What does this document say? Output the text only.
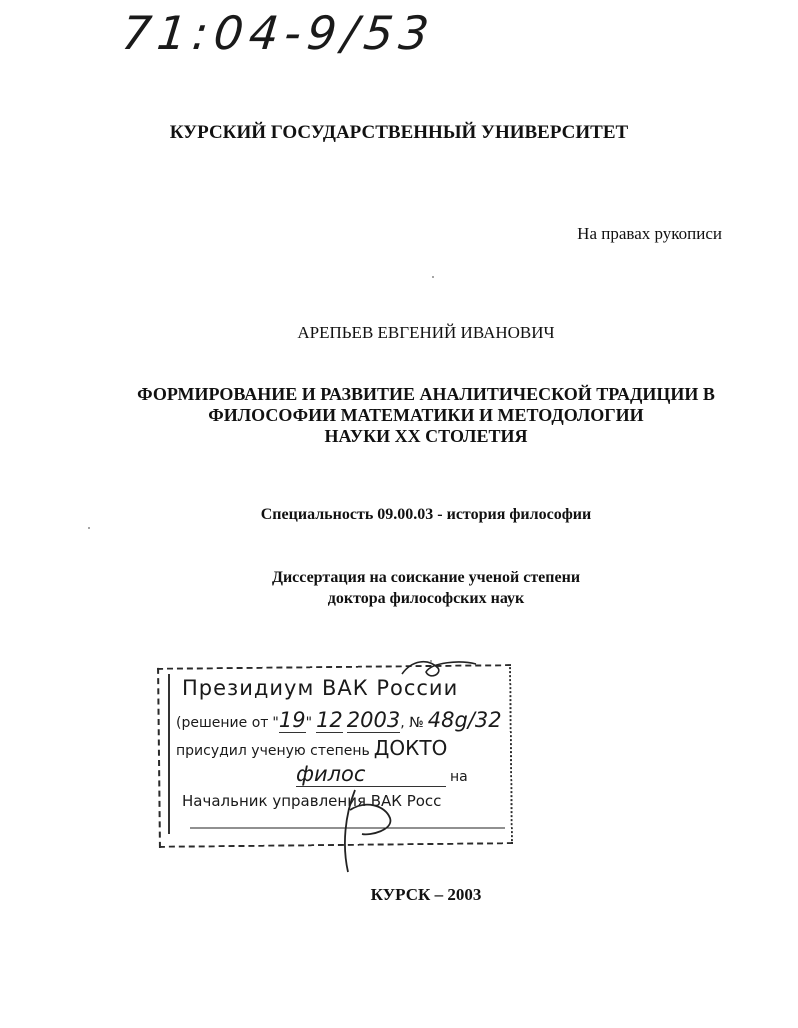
71:04-9/53
КУРСКИЙ ГОСУДАРСТВЕННЫЙ УНИВЕРСИТЕТ
На правах рукописи
АРЕПЬЕВ ЕВГЕНИЙ ИВАНОВИЧ
ФОРМИРОВАНИЕ И РАЗВИТИЕ АНАЛИТИЧЕСКОЙ ТРАДИЦИИ В
ФИЛОСОФИИ МАТЕМАТИКИ И МЕТОДОЛОГИИ
НАУКИ XX СТОЛЕТИЯ
Специальность 09.00.03 - история философии
Диссертация на соискание ученой степени
доктора философских наук
Президиум ВАК России
(решение от "19" 12 2003, № 48g/32
присудил ученую степень ДОКТО
филос	на
Начальник управления ВАК Росс
КУРСК – 2003
